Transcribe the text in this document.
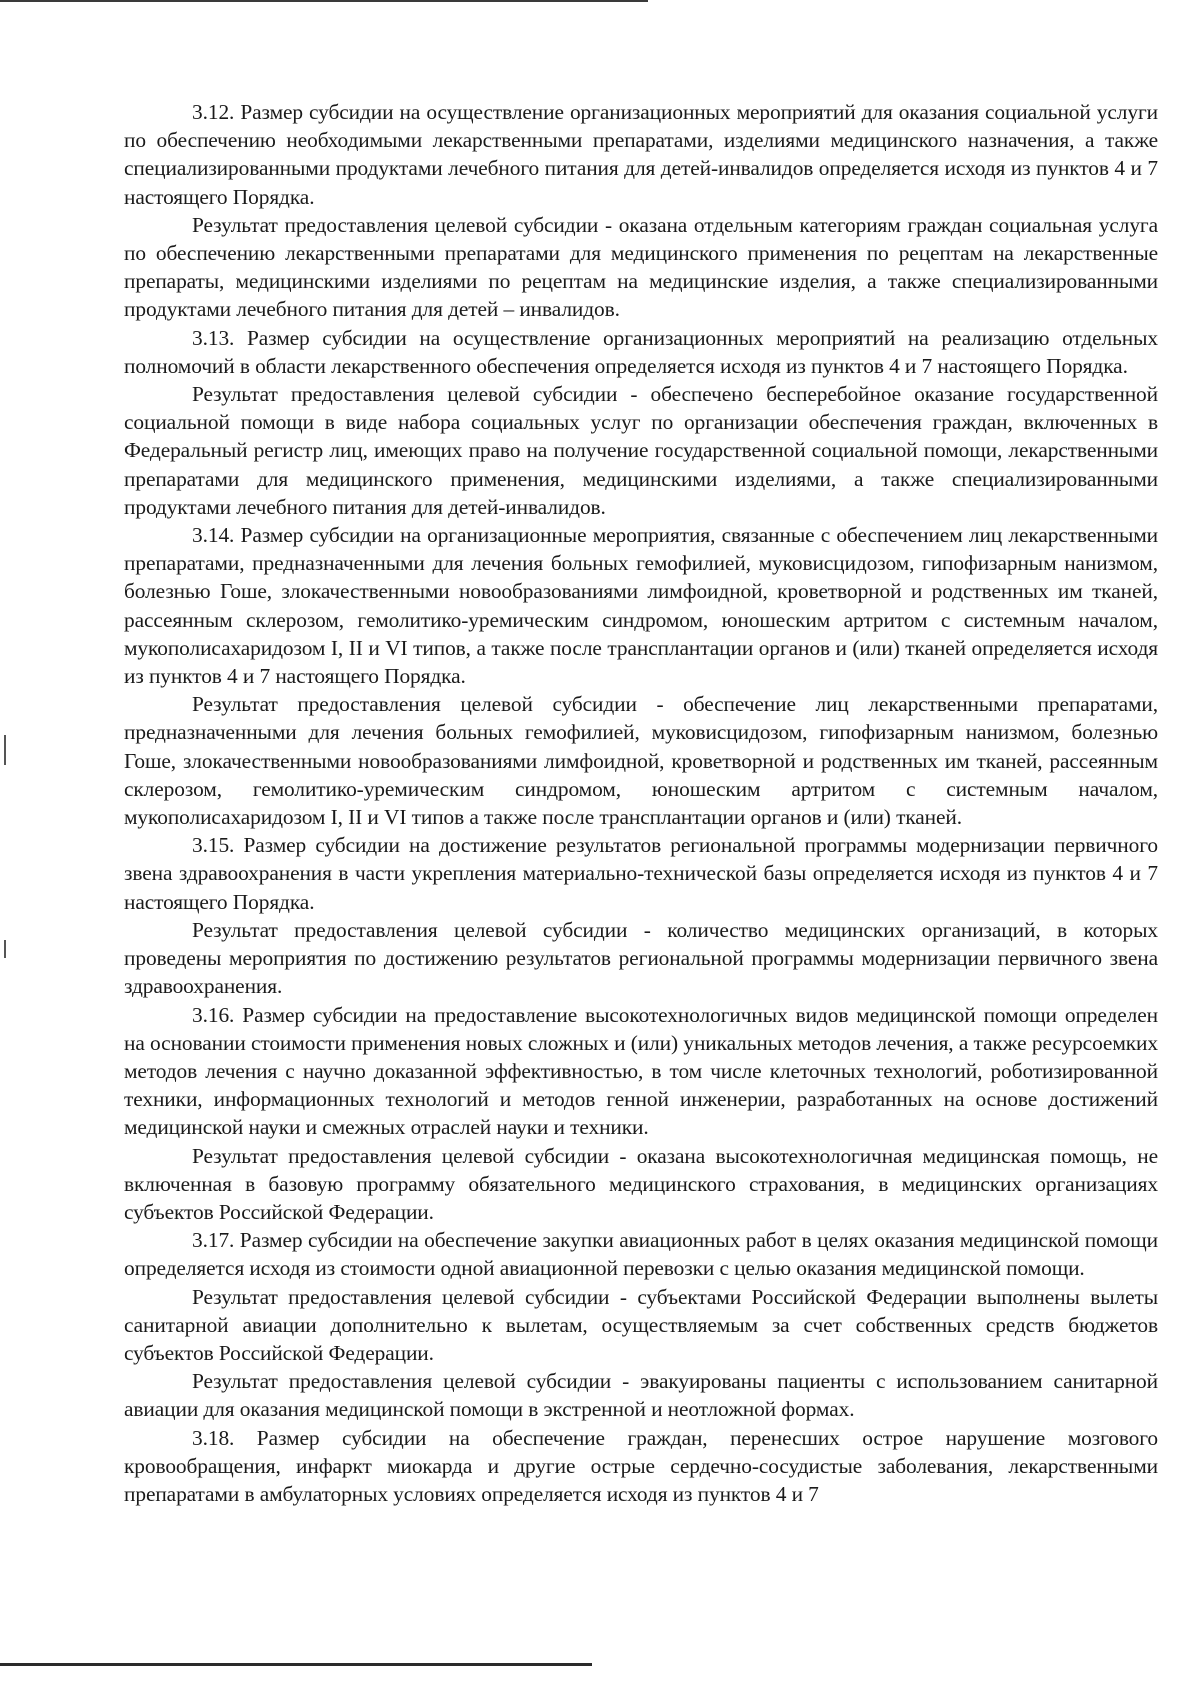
3.12. Размер субсидии на осуществление организационных мероприятий для оказания социальной услуги по обеспечению необходимыми лекарственными препаратами, изделиями медицинского назначения, а также специализированными продуктами лечебного питания для детей-инвалидов определяется исходя из пунктов 4 и 7 настоящего Порядка.

Результат предоставления целевой субсидии - оказана отдельным категориям граждан социальная услуга по обеспечению лекарственными препаратами для медицинского применения по рецептам на лекарственные препараты, медицинскими изделиями по рецептам на медицинские изделия, а также специализированными продуктами лечебного питания для детей – инвалидов.

3.13. Размер субсидии на осуществление организационных мероприятий на реализацию отдельных полномочий в области лекарственного обеспечения определяется исходя из пунктов 4 и 7 настоящего Порядка.

Результат предоставления целевой субсидии - обеспечено бесперебойное оказание государственной социальной помощи в виде набора социальных услуг по организации обеспечения граждан, включенных в Федеральный регистр лиц, имеющих право на получение государственной социальной помощи, лекарственными препаратами для медицинского применения, медицинскими изделиями, а также специализированными продуктами лечебного питания для детей-инвалидов.

3.14. Размер субсидии на организационные мероприятия, связанные с обеспечением лиц лекарственными препаратами, предназначенными для лечения больных гемофилией, муковисцидозом, гипофизарным нанизмом, болезнью Гоше, злокачественными новообразованиями лимфоидной, кроветворной и родственных им тканей, рассеянным склерозом, гемолитико-уремическим синдромом, юношеским артритом с системным началом, мукополисахаридозом I, II и VI типов, а также после трансплантации органов и (или) тканей определяется исходя из пунктов 4 и 7 настоящего Порядка.

Результат предоставления целевой субсидии - обеспечение лиц лекарственными препаратами, предназначенными для лечения больных гемофилией, муковисцидозом, гипофизарным нанизмом, болезнью Гоше, злокачественными новообразованиями лимфоидной, кроветворной и родственных им тканей, рассеянным склерозом, гемолитико-уремическим синдромом, юношеским артритом с системным началом, мукополисахаридозом I, II и VI типов а также после трансплантации органов и (или) тканей.

3.15. Размер субсидии на достижение результатов региональной программы модернизации первичного звена здравоохранения в части укрепления материально-технической базы определяется исходя из пунктов 4 и 7 настоящего Порядка.

Результат предоставления целевой субсидии - количество медицинских организаций, в которых проведены мероприятия по достижению результатов региональной программы модернизации первичного звена здравоохранения.

3.16. Размер субсидии на предоставление высокотехнологичных видов медицинской помощи определен на основании стоимости применения новых сложных и (или) уникальных методов лечения, а также ресурсоемких методов лечения с научно доказанной эффективностью, в том числе клеточных технологий, роботизированной техники, информационных технологий и методов генной инженерии, разработанных на основе достижений медицинской науки и смежных отраслей науки и техники.

Результат предоставления целевой субсидии - оказана высокотехнологичная медицинская помощь, не включенная в базовую программу обязательного медицинского страхования, в медицинских организациях субъектов Российской Федерации.

3.17. Размер субсидии на обеспечение закупки авиационных работ в целях оказания медицинской помощи определяется исходя из стоимости одной авиационной перевозки с целью оказания медицинской помощи.

Результат предоставления целевой субсидии - субъектами Российской Федерации выполнены вылеты санитарной авиации дополнительно к вылетам, осуществляемым за счет собственных средств бюджетов субъектов Российской Федерации.

Результат предоставления целевой субсидии - эвакуированы пациенты с использованием санитарной авиации для оказания медицинской помощи в экстренной и неотложной формах.

3.18. Размер субсидии на обеспечение граждан, перенесших острое нарушение мозгового кровообращения, инфаркт миокарда и другие острые сердечно-сосудистые заболевания, лекарственными препаратами в амбулаторных условиях определяется исходя из пунктов 4 и 7
